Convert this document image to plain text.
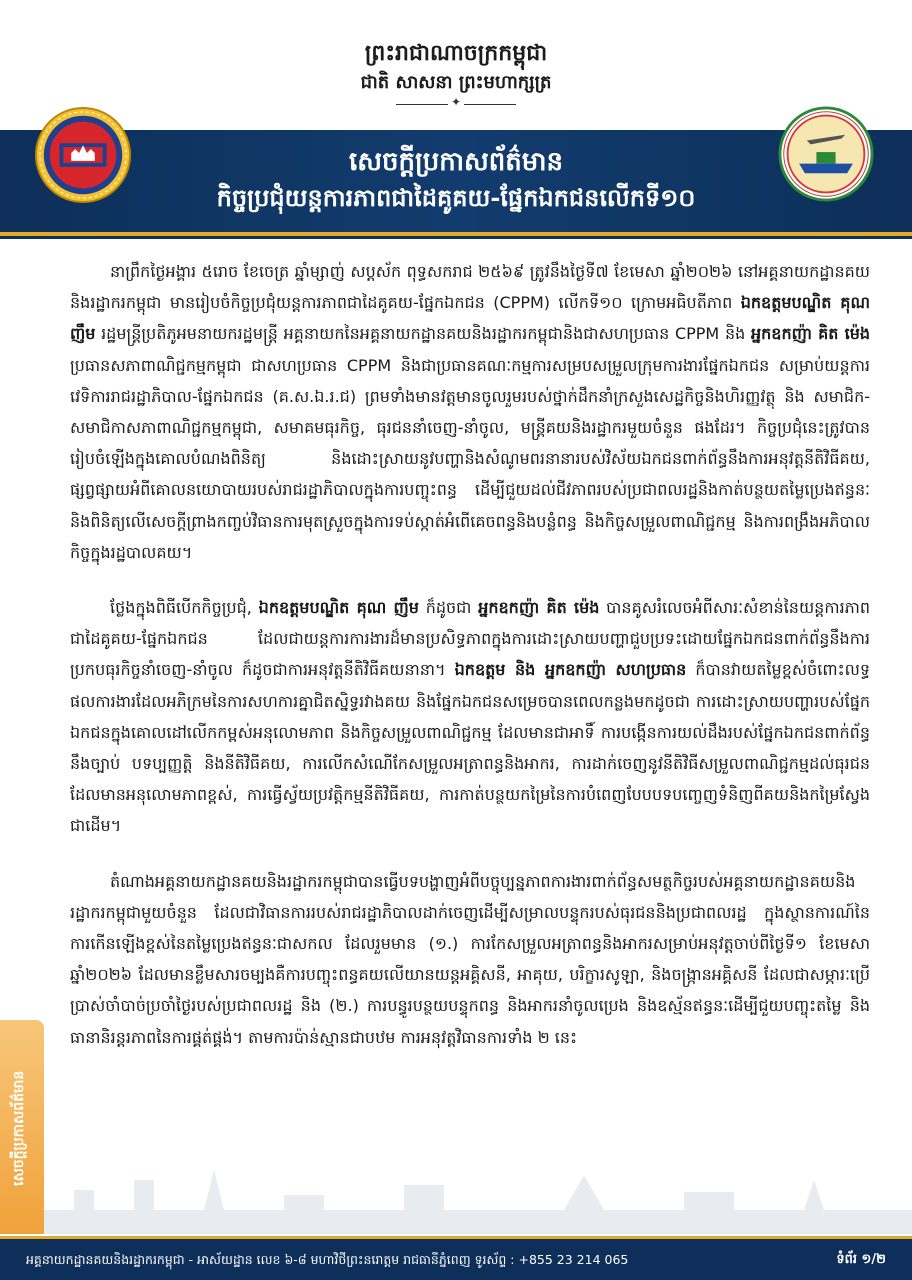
ព្រះរាជាណាចក្រកម្ពុជា
ជាតិ សាសនា ព្រះមហាក្សត្រ
✦
សេចក្តីប្រកាសព័ត៌មាន
កិច្ចប្រជុំយន្តការភាពជាដៃគូគយ-ផ្នែកឯកជនលើកទី១០

នាព្រឹកថ្ងៃអង្គារ ៥រោច ខែចេត្រ ឆ្នាំម្សាញ់ សប្តស័ក ពុទ្ធសករាជ ២៥៦៩ ត្រូវនឹងថ្ងៃទី៧ ខែមេសា ឆ្នាំ២០២៦ នៅអគ្គនាយកដ្ឋានគយនិងរដ្ឋាករកម្ពុជា មានរៀបចំកិច្ចប្រជុំយន្តការភាពជាដៃគូគយ-ផ្នែកឯកជន (CPPM) លើកទី១០ ក្រោមអធិបតីភាព ឯកឧត្តមបណ្ឌិត គុណ ញឹម រដ្ឋមន្ត្រីប្រតិភូអមនាយករដ្ឋមន្ត្រី អគ្គនាយកនៃអគ្គនាយកដ្ឋានគយនិងរដ្ឋាករកម្ពុជានិងជាសហប្រធាន CPPM និង អ្នកឧកញ៉ា គិត ម៉េង ប្រធានសភាពាណិជ្ជកម្មកម្ពុជា ជាសហប្រធាន CPPM និងជាប្រធានគណៈកម្មការសម្របសម្រួលក្រុមការងារផ្នែកឯកជន សម្រាប់យន្តការវេទិការរាជរដ្ឋាភិបាល-ផ្នែកឯកជន (គ.ស.ឯ.រ.ជ) ព្រមទាំងមានវត្តមានចូលរួមរបស់ថ្នាក់ដឹកនាំក្រសួងសេដ្ឋកិច្ចនិងហិរញ្ញវត្ថុ និង សមាជិក-សមាជិកាសភាពាណិជ្ជកម្មកម្ពុជា, សមាគមធុរកិច្ច, ធុរជននាំចេញ-នាំចូល, មន្ត្រីគយនិងរដ្ឋាករមួយចំនួន ផងដែរ។ កិច្ចប្រជុំនេះត្រូវបានរៀបចំឡើងក្នុងគោលបំណងពិនិត្យ និងដោះស្រាយនូវបញ្ហានិងសំណូមពរនានារបស់វិស័យឯកជនពាក់ព័ន្ធនឹងការអនុវត្តនីតិវិធីគយ, ផ្សព្វផ្សាយអំពីគោលនយោបាយរបស់រាជរដ្ឋាភិបាលក្នុងការបញ្ចុះពន្ធ ដើម្បីជួយដល់ជីវភាពរបស់ប្រជាពលរដ្ឋនិងកាត់បន្ថយតម្លៃប្រេងឥន្ធនៈ និងពិនិត្យលើសេចក្តីព្រាងកញ្ចប់វិធានការមុតស្រួចក្នុងការទប់ស្កាត់អំពើគេចពន្ធនិងបន្លំពន្ធ និងកិច្ចសម្រួលពាណិជ្ជកម្ម និងការពង្រឹងអភិបាលកិច្ចក្នុងរដ្ឋបាលគយ។

ថ្លែងក្នុងពិធីបើកកិច្ចប្រជុំ, ឯកឧត្តមបណ្ឌិត គុណ ញឹម ក៏ដូចជា អ្នកឧកញ៉ា គិត ម៉េង បានគូសរំលេចអំពីសារៈសំខាន់នៃយន្តការភាពជាដៃគូគយ-ផ្នែកឯកជន ដែលជាយន្តការការងារដ៏មានប្រសិទ្ធភាពក្នុងការដោះស្រាយបញ្ហាជួបប្រទះដោយផ្នែកឯកជនពាក់ព័ន្ធនឹងការប្រកបធុរកិច្ចនាំចេញ-នាំចូល ក៏ដូចជាការអនុវត្តនីតិវិធីគយនានា។ ឯកឧត្តម និង អ្នកឧកញ៉ា សហប្រធាន ក៏បានវាយតម្លៃខ្ពស់ចំពោះលទ្ធផលការងារដែលអភិក្រមនៃការសហការគ្នាជិតស្និទ្ធរវាងគយ និងផ្នែកឯកជនសម្រេចបានពេលកន្លងមកដូចជា ការដោះស្រាយបញ្ហារបស់ផ្នែកឯកជនក្នុងគោលដៅលើកកម្ពស់អនុលោមភាព និងកិច្ចសម្រួលពាណិជ្ជកម្ម ដែលមានជាអាទិ៍ ការបង្កើនការយល់ដឹងរបស់ផ្នែកឯកជនពាក់ព័ន្ធនឹងច្បាប់ បទប្បញ្ញត្តិ និងនីតិវិធីគយ, ការលើកសំណើកែសម្រួលអត្រាពន្ធនិងអាករ, ការដាក់ចេញនូវនីតិវិធីសម្រួលពាណិជ្ជកម្មដល់ធុរជនដែលមានអនុលោមភាពខ្ពស់, ការធ្វើស្វ័យប្រវត្តិកម្មនីតិវិធីគយ, ការកាត់បន្ថយកម្រៃនៃការបំពេញបែបបទបញ្ចេញទំនិញពីគយនិងកម្រៃស្វែង ជាដើម។

តំណាងអគ្គនាយកដ្ឋានគយនិងរដ្ឋាករកម្ពុជាបានធ្វើបទបង្ហាញអំពីបច្ចុប្បន្នភាពការងារពាក់ព័ន្ធសមត្ថកិច្ចរបស់អគ្គនាយកដ្ឋានគយនិងរដ្ឋាករកម្ពុជាមួយចំនួន ដែលជាវិធានការរបស់រាជរដ្ឋាភិបាលដាក់ចេញដើម្បីសម្រាលបន្ទុករបស់ធុរជននិងប្រជាពលរដ្ឋ ក្នុងស្ថានការណ៍នៃការកើនឡើងខ្ពស់នៃតម្លៃប្រេងឥន្ធនៈជាសកល ដែលរួមមាន (១.) ការកែសម្រួលអត្រាពន្ធនិងអាករសម្រាប់អនុវត្តចាប់ពីថ្ងៃទី១ ខែមេសា ឆ្នាំ២០២៦ ដែលមានខ្លឹមសារចម្បងគឺការបញ្ចុះពន្ធគយលើយានយន្តអគ្គិសនី, អាគុយ, បរិក្ខារសូឡា, និងចង្ក្រានអគ្គិសនី ដែលជាសម្ភារៈប្រើប្រាស់ចាំបាច់ប្រចាំថ្ងៃរបស់ប្រជាពលរដ្ឋ និង (២.) ការបន្ធូរបន្ថយបន្ទុកពន្ធ និងអាករនាំចូលប្រេង និងឧស្ម័នឥន្ធនៈដើម្បីជួយបញ្ចុះតម្លៃ និងធានានិរន្តរភាពនៃការផ្គត់ផ្គង់។ តាមការប៉ាន់ស្មានជាបឋម ការអនុវត្តវិធានការទាំង ២ នេះ

សេចក្តីប្រកាសព័ត៌មាន
អគ្គនាយកដ្ឋានគយនិងរដ្ឋាករកម្ពុជា - អាស័យដ្ឋាន លេខ ៦-៨ មហាវិថីព្រះនរោត្តម រាជធានីភ្នំពេញ ទូរស័ព្ទ : +855 23 214 065	ទំព័រ ១/២
